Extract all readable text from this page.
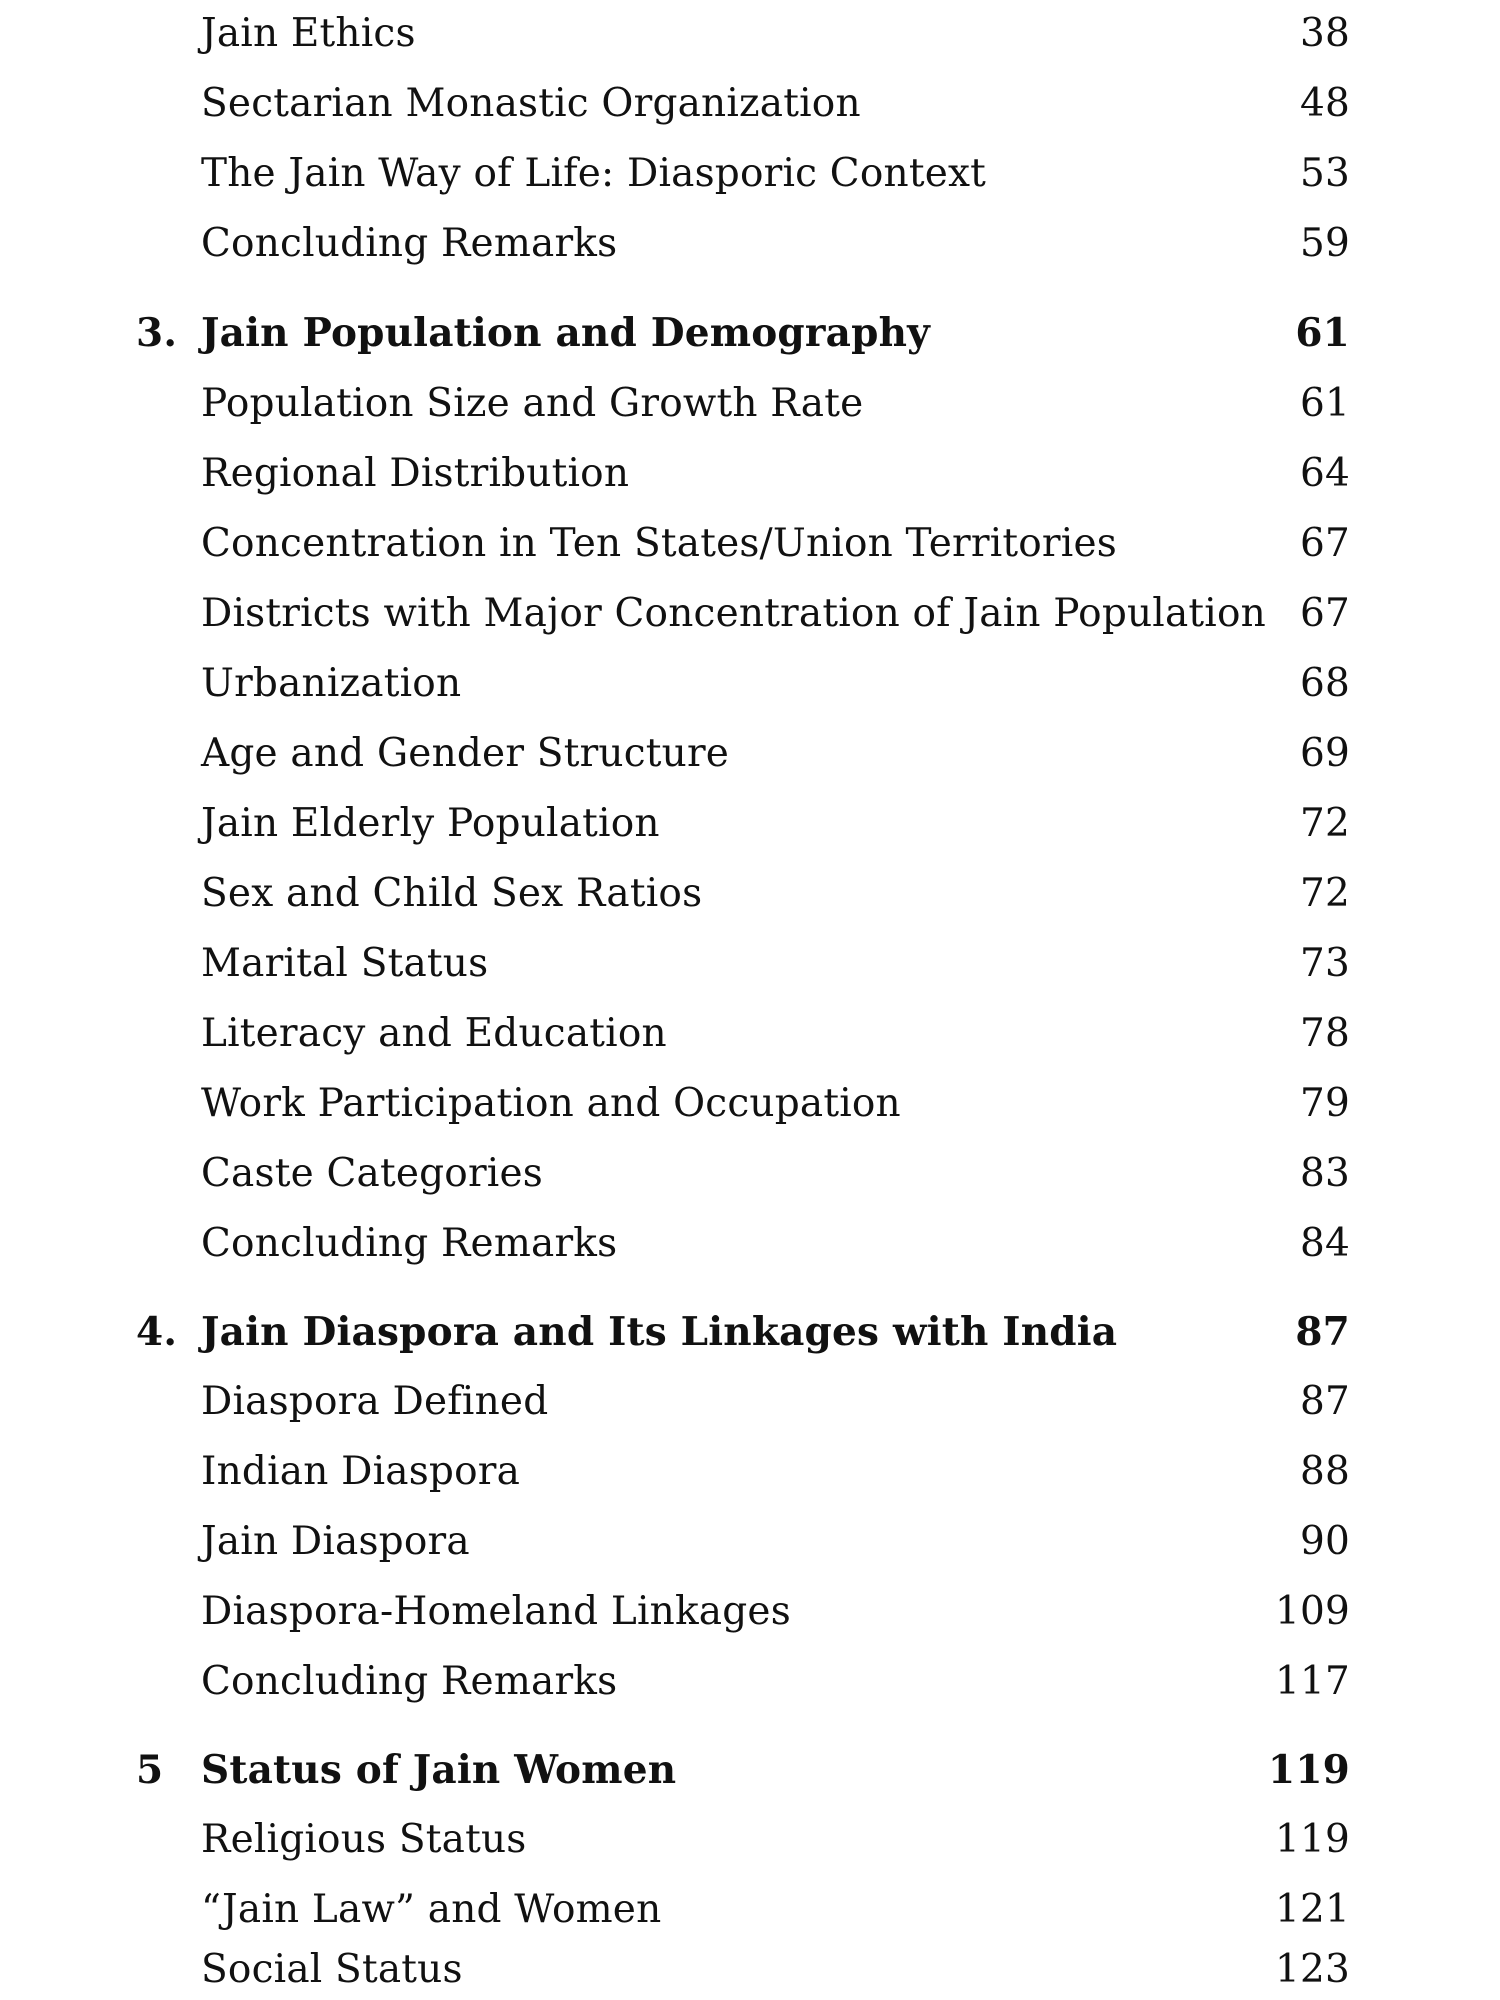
Jain Ethics	38
Sectarian Monastic Organization	48
The Jain Way of Life: Diasporic Context	53
Concluding Remarks	59
3. Jain Population and Demography	61
Population Size and Growth Rate	61
Regional Distribution	64
Concentration in Ten States/Union Territories	67
Districts with Major Concentration of Jain Population 67
Urbanization	68
Age and Gender Structure	69
Jain Elderly Population	72
Sex and Child Sex Ratios	72
Marital Status	73
Literacy and Education	78
Work Participation and Occupation	79
Caste Categories	83
Concluding Remarks	84
4. Jain Diaspora and Its Linkages with India	87
Diaspora Defined	87
Indian Diaspora	88
Jain Diaspora	90
Diaspora-Homeland Linkages	109
Concluding Remarks	117
5 Status of Jain Women	119
Religious Status	119
“Jain Law” and Women	121
Social Status	123
